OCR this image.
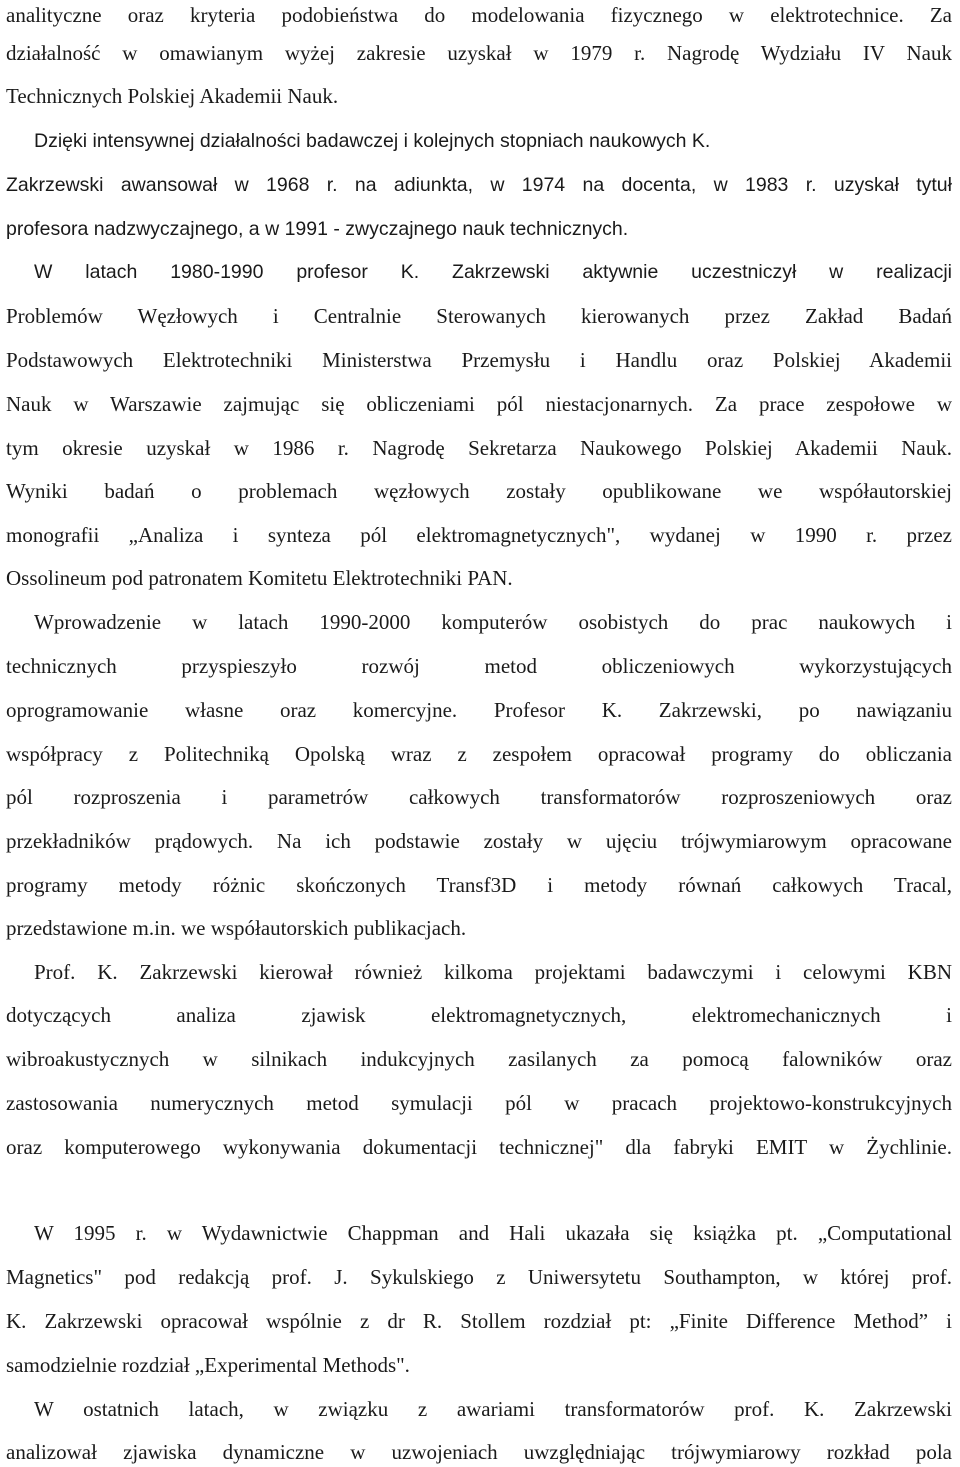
analityczne oraz kryteria podobieństwa do modelowania fizycznego w elektrotechnice. Za
działalność w omawianym wyżej zakresie uzyskał w 1979 r. Nagrodę Wydziału IV Nauk
Technicznych Polskiej Akademii Nauk.
Dzięki intensywnej działalności badawczej i kolejnych stopniach naukowych K.
Zakrzewski awansował w 1968 r. na adiunkta, w 1974 na docenta, w 1983 r. uzyskał tytuł
profesora nadzwyczajnego, a w 1991 - zwyczajnego nauk technicznych.
W latach 1980-1990 profesor K. Zakrzewski aktywnie uczestniczył w realizacji
Problemów Węzłowych i Centralnie Sterowanych kierowanych przez Zakład Badań
Podstawowych Elektrotechniki Ministerstwa Przemysłu i Handlu oraz Polskiej Akademii
Nauk w Warszawie zajmując się obliczeniami pól niestacjonarnych. Za prace zespołowe w
tym okresie uzyskał w 1986 r. Nagrodę Sekretarza Naukowego Polskiej Akademii Nauk.
Wyniki badań o problemach węzłowych zostały opublikowane we współautorskiej
monografii „Analiza i synteza pól elektromagnetycznych", wydanej w 1990 r. przez
Ossolineum pod patronatem Komitetu Elektrotechniki PAN.
Wprowadzenie w latach 1990-2000 komputerów osobistych do prac naukowych i
technicznych przyspieszyło rozwój metod obliczeniowych wykorzystujących
oprogramowanie własne oraz komercyjne. Profesor K. Zakrzewski, po nawiązaniu
współpracy z Politechniką Opolską wraz z zespołem opracował programy do obliczania
pól rozproszenia i parametrów całkowych transformatorów rozproszeniowych oraz
przekładników prądowych. Na ich podstawie zostały w ujęciu trójwymiarowym opracowane
programy metody różnic skończonych Transf3D i metody równań całkowych Tracal,
przedstawione m.in. we współautorskich publikacjach.
Prof. K. Zakrzewski kierował również kilkoma projektami badawczymi i celowymi KBN
dotyczących analiza zjawisk elektromagnetycznych, elektromechanicznych i
wibroakustycznych w silnikach indukcyjnych zasilanych za pomocą falowników oraz
zastosowania numerycznych metod symulacji pól w pracach projektowo-konstrukcyjnych
oraz komputerowego wykonywania dokumentacji technicznej" dla fabryki EMIT w Żychlinie.
W 1995 r. w Wydawnictwie Chappman and Hali ukazała się książka pt. „Computational
Magnetics" pod redakcją prof. J. Sykulskiego z Uniwersytetu Southampton, w której prof.
K. Zakrzewski opracował wspólnie z dr R. Stollem rozdział pt: „Finite Difference Method” i
samodzielnie rozdział „Experimental Methods".
W ostatnich latach, w związku z awariami transformatorów prof. K. Zakrzewski
analizował zjawiska dynamiczne w uzwojeniach uwzględniając trójwymiarowy rozkład pola
